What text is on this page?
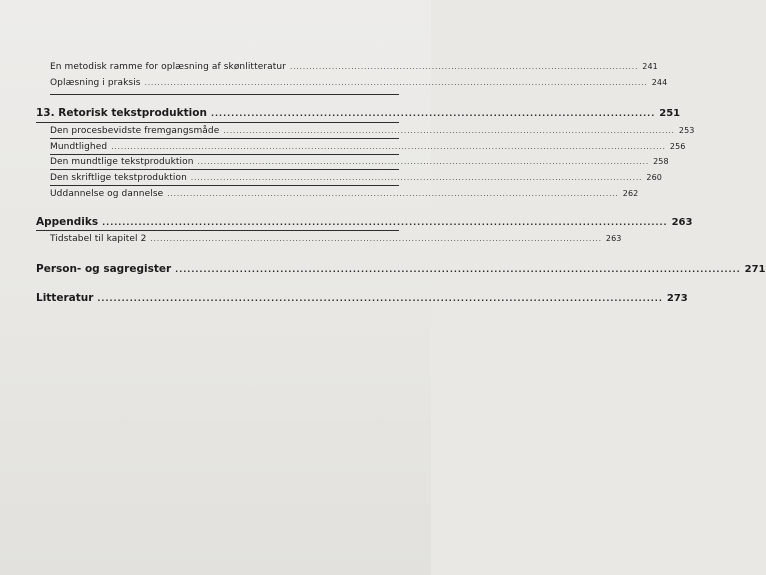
En metodisk ramme for oplæsning af skønlitteratur ............................................................................................................ 241
Oplæsning i praksis ............................................................................................................................................................ 244
13. Retorisk tekstproduktion .............................................................................................................. 251
Den procesbevidste fremgangsmåde ............................................................................................................................................ 253
Mundtlighed ............................................................................................................................................................................ 256
Den mundtlige tekstproduktion ............................................................................................................................................ 258
Den skriftlige tekstproduktion ............................................................................................................................................ 260
Uddannelse og dannelse ............................................................................................................................................ 262
Appendiks ............................................................................................................................................ 263
Tidstabel til kapitel 2 ............................................................................................................................................ 263
Person- og sagregister ............................................................................................................................................ 271
Litteratur ............................................................................................................................................ 273
